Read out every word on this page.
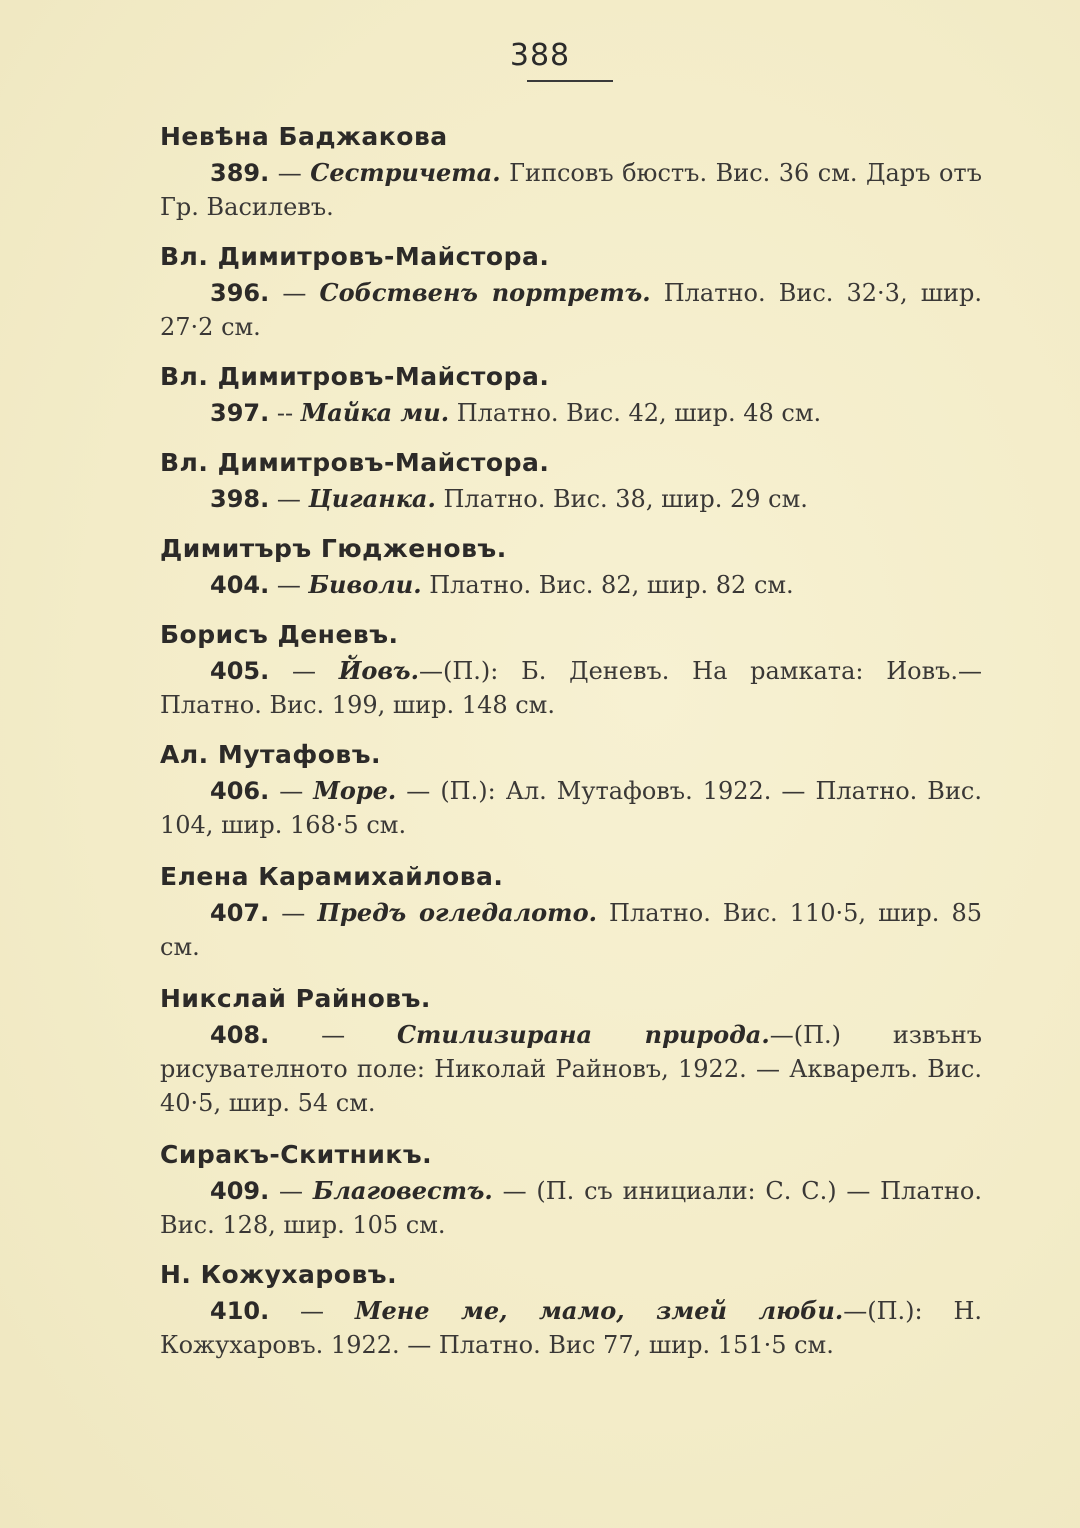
388
Невѣна Баджакова
389. — Сестричета. Гипсовъ бюстъ. Вис. 36 см. Даръ отъ Гр. Василевъ.
Вл. Димитровъ-Майстора.
396. — Собственъ портретъ. Платно. Вис. 32·3, шир. 27·2 см.
Вл. Димитровъ-Майстора.
397. -- Майка ми. Платно. Вис. 42, шир. 48 см.
Вл. Димитровъ-Майстора.
398. — Циганка. Платно. Вис. 38, шир. 29 см.
Димитъръ Гюдженовъ.
404. — Биволи. Платно. Вис. 82, шир. 82 см.
Борисъ Деневъ.
405. — Йовъ.—(П.): Б. Деневъ. На рамката: Иовъ.— Платно. Вис. 199, шир. 148 см.
Ал. Мутафовъ.
406. — Море. — (П.): Ал. Мутафовъ. 1922. — Платно. Вис. 104, шир. 168·5 см.
Елена Карамихайлова.
407. — Предъ огледалото. Платно. Вис. 110·5, шир. 85 см.
Никслай Райновъ.
408. — Стилизирана природа.—(П.) извънъ рисувателното поле: Николай Райновъ, 1922. — Акварелъ. Вис. 40·5, шир. 54 см.
Сиракъ-Скитникъ.
409. — Благовестъ. — (П. съ инициали: С. С.) — Платно. Вис. 128, шир. 105 см.
Н. Кожухаровъ.
410. — Мене ме, мамо, змей люби.—(П.): Н. Кожухаровъ. 1922. — Платно. Вис 77, шир. 151·5 см.
